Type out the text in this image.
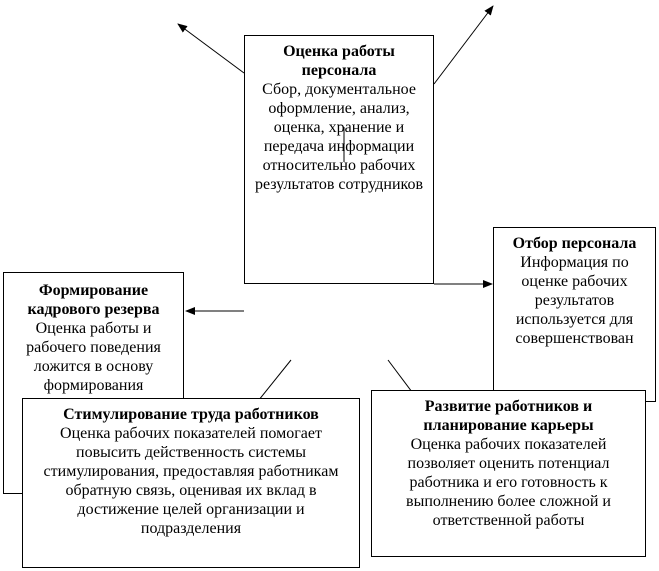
Оценка работы персонала
Сбор, документальное оформление, анализ, оценка, хранение и передача информации относительно рабочих результатов сотрудников
Формирование кадрового резерва
Оценка работы и рабочего поведения ложится в основу формирования
Отбор персонала
Информация по оценке рабочих результатов используется для совершенствован
Стимулирование труда работников
Оценка рабочих показателей помогает повысить действенность системы стимулирования, предоставляя работникам обратную связь, оценивая их вклад в достижение целей организации и подразделения
Развитие работников и планирование карьеры
Оценка рабочих показателей позволяет оценить потенциал работника и его готовность к выполнению более сложной и ответственной работы
